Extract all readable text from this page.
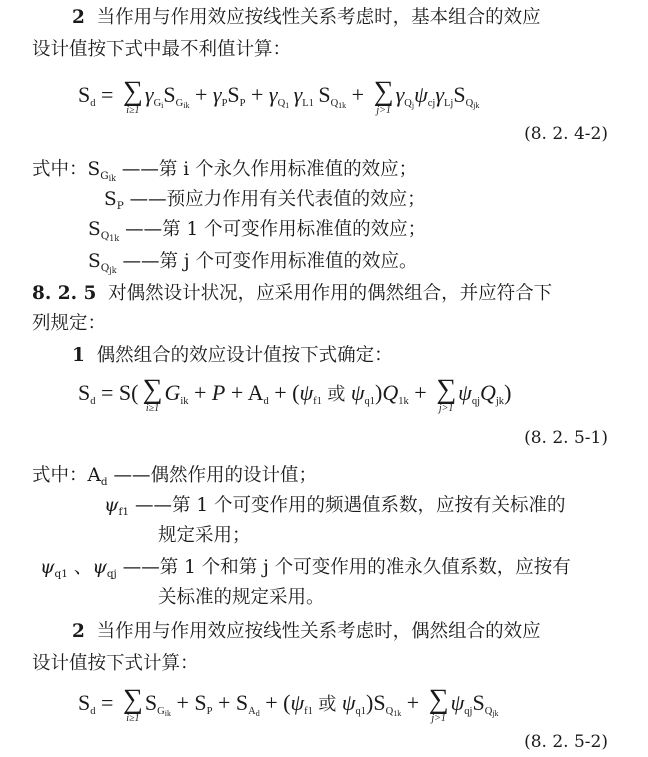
2 当作用与作用效应按线性关系考虑时，基本组合的效应
设计值按下式中最不利值计算：
$S_d$ = ∑
i≥1
$\gamma_{Gi}S_{Gik} + \gamma_PS_P + \gamma_{Q1}$  $\gamma_{L1}$ $S_{Q1k}$ + ∑
j>1
$\gamma_{Qj}\psi_{cj}\gamma_{Lj}S_{Qjk}$
(8. 2. 4-2)
式中：$S_{Gik}$ ——第 i 个永久作用标准值的效应；
$S_P$ ——预应力作用有关代表值的效应；
$S_{Q1k}$ ——第 1 个可变作用标准值的效应；
$S_{Qjk}$ ——第 j 个可变作用标准值的效应。
8. 2. 5 对偶然设计状况，应采用作用的偶然组合，并应符合下
列规定：
1 偶然组合的效应设计值按下式确定：
$S_d = S$( ∑
i≥1
$G_{ik} + P + A_d + (\psi_{f1}$ 或 $\psi_{q1})Q_{1k}$ + ∑
j>1
$\psi_{qj}Q_{jk}$)
(8. 2. 5-1)
式中：$A_d$ ——偶然作用的设计值；
$\psi_{f1}$ ——第 1 个可变作用的频遇值系数，应按有关标准的
规定采用；
$\psi_{q1}$ 、$\psi_{qj}$ ——第 1 个和第 j 个可变作用的准永久值系数，应按有
关标准的规定采用。
2 当作用与作用效应按线性关系考虑时，偶然组合的效应
设计值按下式计算：
$S_d$ = ∑
i≥1
$S_{Gik} + S_P + S_{Ad} + (\psi_{f1}$ 或 $\psi_{q1})S_{Q1k}$ + ∑
j>1
$\psi_{qj}S_{Qjk}$
(8. 2. 5-2)
